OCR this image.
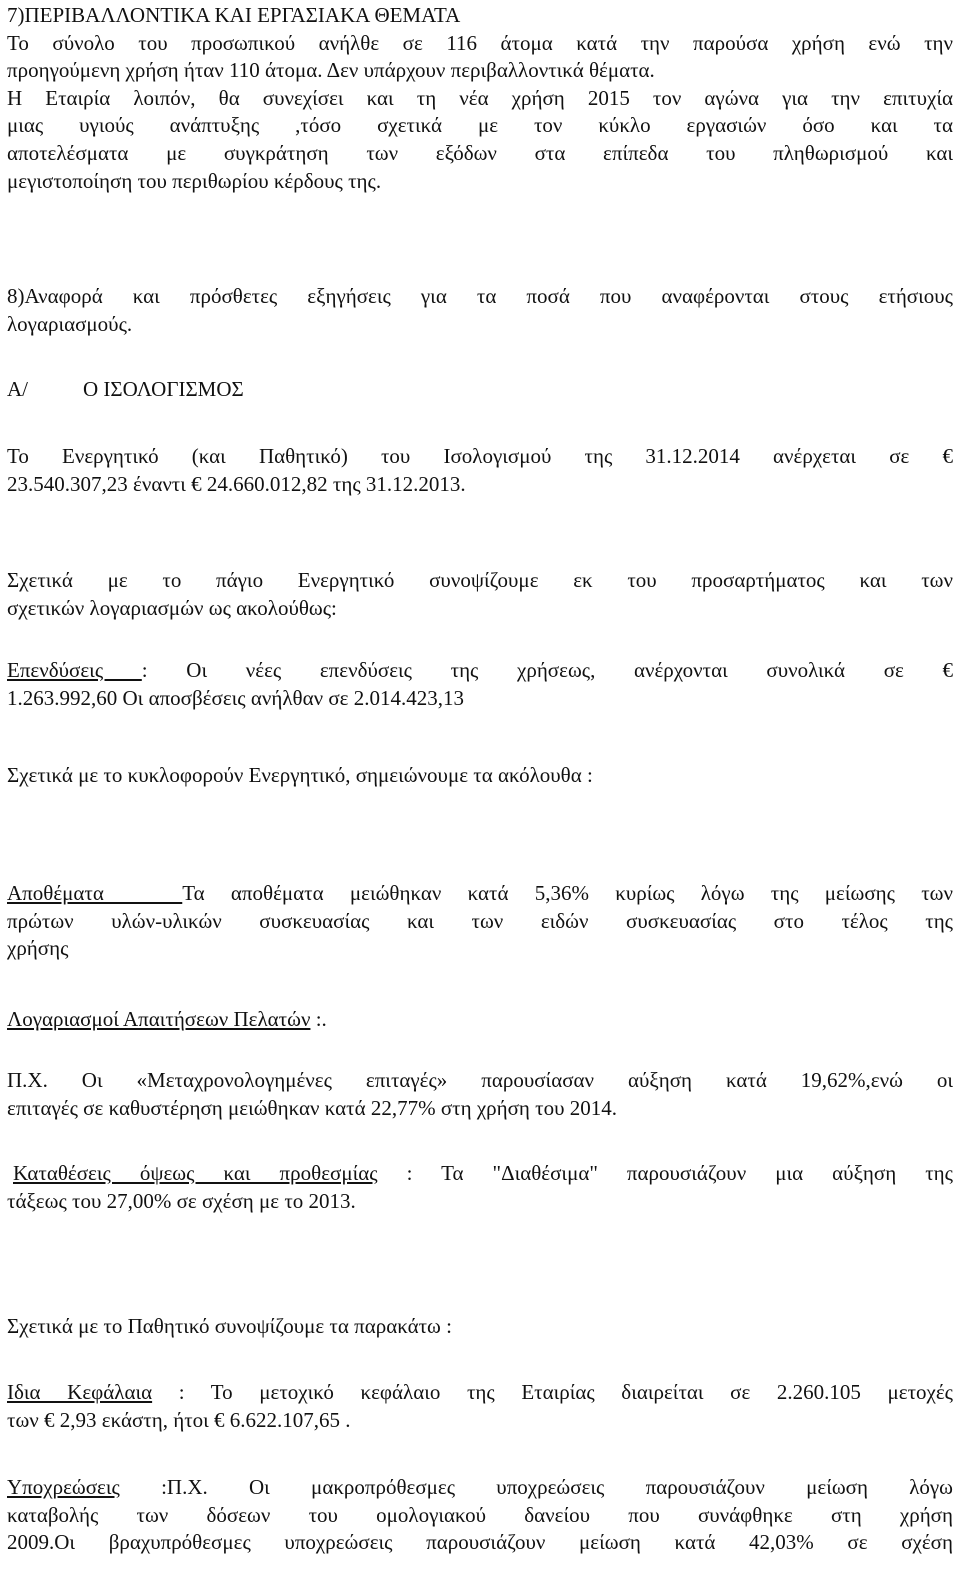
7)ΠΕΡΙΒΑΛΛΟΝΤΙΚΑ ΚΑΙ ΕΡΓΑΣΙΑΚΑ ΘΕΜΑΤΑ
Το σύνολο του προσωπικού ανήλθε σε 116 άτομα κατά την παρούσα χρήση ενώ την
προηγούμενη χρήση ήταν 110 άτομα. Δεν υπάρχουν περιβαλλοντικά θέματα.
Η Εταιρία λοιπόν, θα συνεχίσει και τη νέα χρήση 2015 τον αγώνα για την επιτυχία
μιας υγιούς ανάπτυξης ,τόσο σχετικά με τον κύκλο εργασιών όσο και τα
αποτελέσματα με συγκράτηση των εξόδων στα επίπεδα του πληθωρισμού και
μεγιστοποίηση του περιθωρίου κέρδους της.
8)Αναφορά και πρόσθετες εξηγήσεις για τα ποσά που αναφέρονται στους ετήσιους
λογαριασμούς.
Α/	Ο ΙΣΟΛΟΓΙΣΜΟΣ
Το Ενεργητικό (και Παθητικό) του Ισολογισμού της 31.12.2014 ανέρχεται σε €
23.540.307,23 έναντι € 24.660.012,82 της 31.12.2013.
Σχετικά με το πάγιο Ενεργητικό συνοψίζουμε εκ του προσαρτήματος και των
σχετικών λογαριασμών ως ακολούθως:
Επενδύσεις : Οι νέες επενδύσεις της χρήσεως, ανέρχονται συνολικά σε €
1.263.992,60 Οι αποσβέσεις ανήλθαν σε 2.014.423,13
Σχετικά με το κυκλοφορούν Ενεργητικό, σημειώνουμε τα ακόλουθα :
Αποθέματα   Τα αποθέματα μειώθηκαν κατά 5,36% κυρίως λόγω της μείωσης των
πρώτων υλών-υλικών συσκευασίας και των ειδών συσκευασίας στο τέλος της
χρήσης
Λογαριασμοί Απαιτήσεων Πελατών :.
Π.Χ. Οι «Μεταχρονολογημένες επιταγές» παρουσίασαν αύξηση κατά 19,62%,ενώ οι
επιταγές σε καθυστέρηση μειώθηκαν κατά 22,77% στη χρήση του 2014.
Καταθέσεις όψεως και προθεσμίας : Τα "Διαθέσιμα" παρουσιάζουν μια αύξηση της
τάξεως του 27,00% σε σχέση με το 2013.
Σχετικά με το Παθητικό συνοψίζουμε τα παρακάτω :
Ιδια Κεφάλαια : Το μετοχικό κεφάλαιο της Εταιρίας διαιρείται σε 2.260.105 μετοχές
των € 2,93 εκάστη, ήτοι € 6.622.107,65 .
Υποχρεώσεις :Π.Χ. Οι μακροπρόθεσμες υποχρεώσεις παρουσιάζουν μείωση λόγω
καταβολής των δόσεων του ομολογιακού δανείου που συνάφθηκε στη χρήση
2009.Οι βραχυπρόθεσμες υποχρεώσεις παρουσιάζουν μείωση κατά 42,03% σε σχέση
